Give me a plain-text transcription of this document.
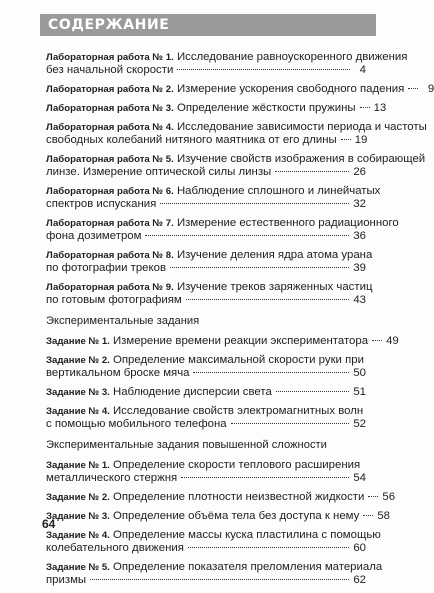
СОДЕРЖАНИЕ
Лабораторная работа № 1. Исследование равноускоренного движения
без начальной скорости	4
Лабораторная работа № 2. Измерение ускорения свободного падения	9
Лабораторная работа № 3. Определение жёсткости пружины 13
Лабораторная работа № 4. Исследование зависимости периода и частоты
свободных колебаний нитяного маятника от его длины 19
Лабораторная работа № 5. Изучение свойств изображения в собирающей
линзе. Измерение оптической силы линзы	26
Лабораторная работа № 6. Наблюдение сплошного и линейчатых
спектров испускания	32
Лабораторная работа № 7. Измерение естественного радиационного
фона дозиметром	36
Лабораторная работа № 8. Изучение деления ядра атома урана
по фотографии треков	39
Лабораторная работа № 9. Изучение треков заряженных частиц
по готовым фотографиям	43
Экспериментальные задания
Задание № 1. Измерение времени реакции экспериментатора 49
Задание № 2. Определение максимальной скорости руки при
вертикальном броске мяча	50
Задание № 3. Наблюдение дисперсии света	51
Задание № 4. Исследование свойств электромагнитных волн
с помощью мобильного телефона	52
Экспериментальные задания повышенной сложности
Задание № 1. Определение скорости теплового расширения
металлического стержня	54
Задание № 2. Определение плотности неизвестной жидкости 56
Задание № 3. Определение объёма тела без доступа к нему 58
Задание № 4. Определение массы куска пластилина с помощью
колебательного движения	60
Задание № 5. Определение показателя преломления материала
призмы	62
64
